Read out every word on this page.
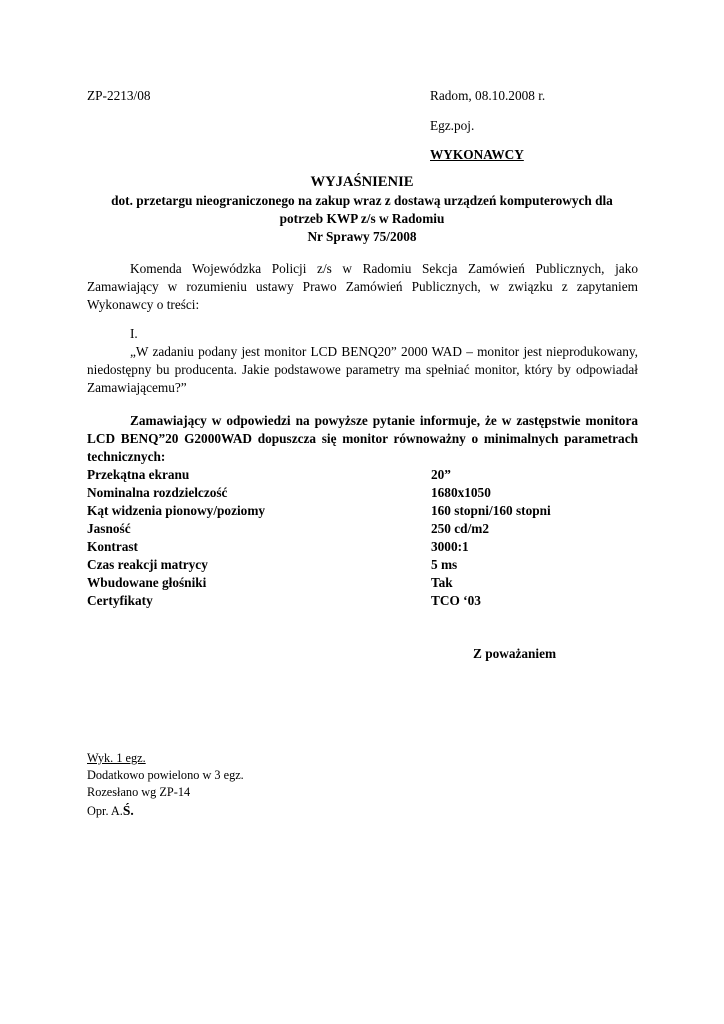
ZP-2213/08	Radom, 08.10.2008 r.
Egz.poj.
WYKONAWCY
WYJAŚNIENIE
dot. przetargu nieograniczonego na zakup wraz z dostawą urządzeń komputerowych dla
potrzeb KWP z/s w Radomiu
Nr Sprawy 75/2008
Komenda Wojewódzka Policji z/s w Radomiu Sekcja Zamówień Publicznych, jako
Zamawiający w rozumieniu ustawy Prawo Zamówień Publicznych, w związku z zapytaniem
Wykonawcy o treści:
I.
„W zadaniu podany jest monitor LCD BENQ20” 2000 WAD – monitor jest nieprodukowany,
niedostępny bu producenta. Jakie podstawowe parametry ma spełniać monitor, który by odpowiadał
Zamawiającemu?”
Zamawiający w odpowiedzi na powyższe pytanie informuje, że w zastępstwie monitora
LCD BENQ”20 G2000WAD dopuszcza się monitor równoważny o minimalnych parametrach
technicznych:
Przekątna ekranu	20”
Nominalna rozdzielczość	1680x1050
Kąt widzenia pionowy/poziomy	160 stopni/160 stopni
Jasność	250 cd/m2
Kontrast	3000:1
Czas reakcji matrycy	5 ms
Wbudowane głośniki	Tak
Certyfikaty	TCO ‘03
Z poważaniem
Wyk. 1 egz.
Dodatkowo powielono w 3 egz.
Rozesłano wg ZP-14
Opr. A.Ś.
